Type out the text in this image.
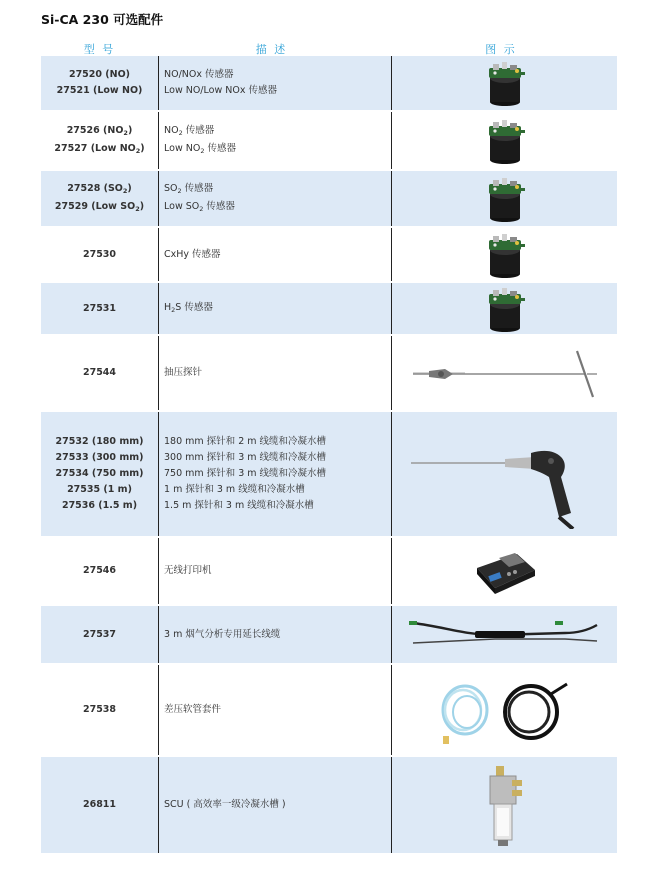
Si-CA 230 可选配件
型 号	描 述	图 示
27520 (NO)
27521 (Low NO)	NO/NOx 传感器
Low NO/Low NOx 传感器

27526 $(NO_2)$
27527 (Low $NO_2$)	$NO_2$ 传感器
Low $NO_2$ 传感器

27528 $(SO_2)$
27529 (Low $SO_2$)	$SO_2$ 传感器
Low $SO_2$ 传感器

27530	CxHy 传感器

27531	$H_2S$ 传感器

27544	抽压探针

27532 (180 mm)
27533 (300 mm)
27534 (750 mm)
27535 (1 m)
27536 (1.5 m)	180 mm 探针和 2 m 线缆和冷凝水槽
300 mm 探针和 3 m 线缆和冷凝水槽
750 mm 探针和 3 m 线缆和冷凝水槽
1 m 探针和 3 m 线缆和冷凝水槽
1.5 m 探针和 3 m 线缆和冷凝水槽

27546	无线打印机

27537	3 m 烟气分析专用延长线缆

27538	差压软管套件

26811	SCU ( 高效率一级冷凝水槽 )
